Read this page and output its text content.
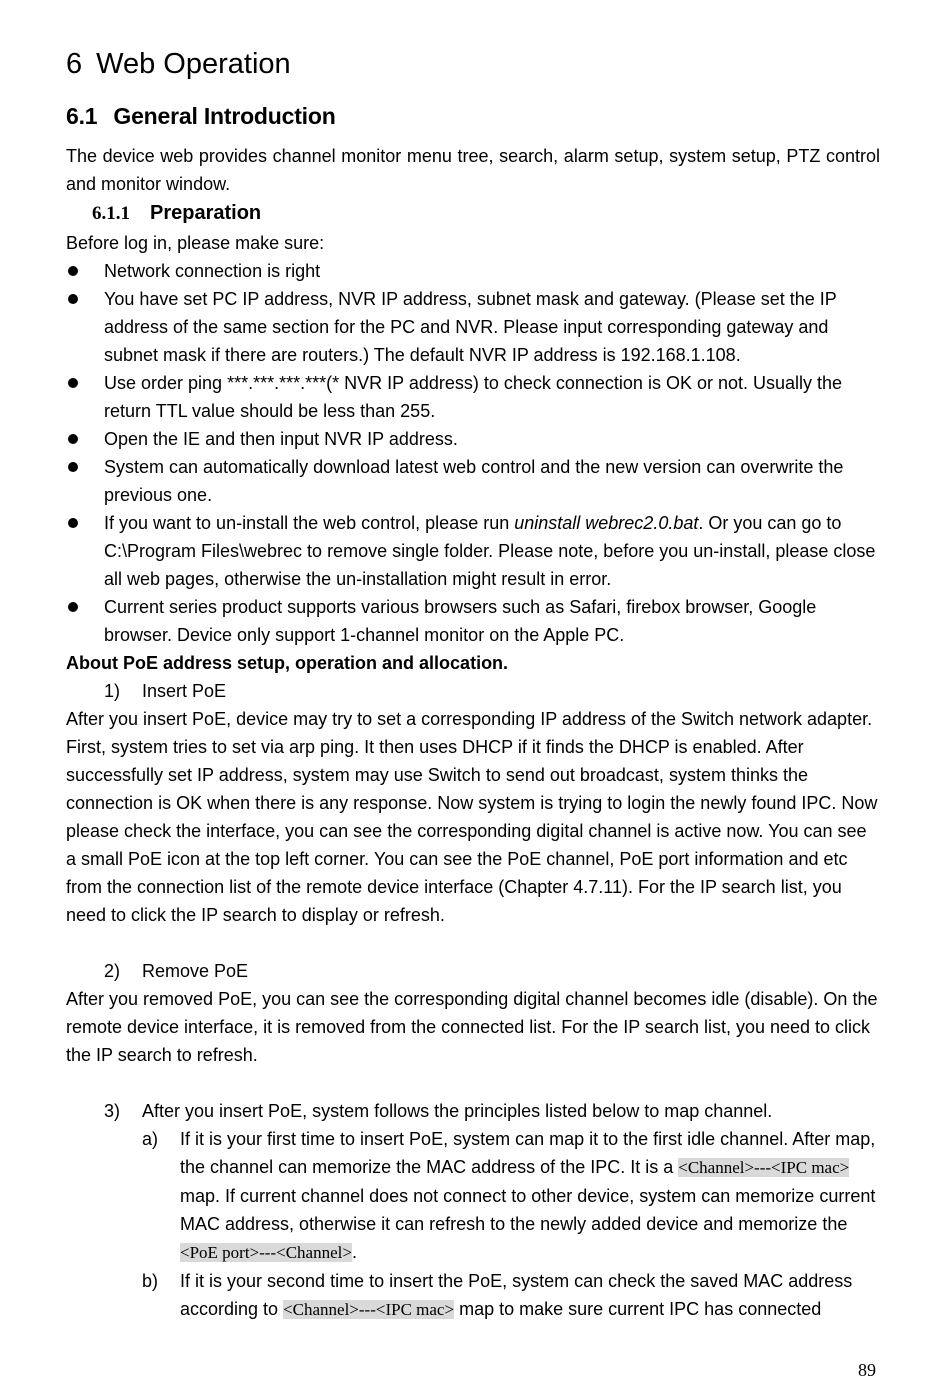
6 Web Operation
6.1 General Introduction

The device web provides channel monitor menu tree, search, alarm setup, system setup, PTZ control and monitor window.

6.1.1 Preparation

Before log in, please make sure:

Network connection is right
You have set PC IP address, NVR IP address, subnet mask and gateway. (Please set the IP address of the same section for the PC and NVR. Please input corresponding gateway and subnet mask if there are routers.) The default NVR IP address is 192.168.1.108.
Use order ping ***.***.***.***(* NVR IP address) to check connection is OK or not. Usually the return TTL value should be less than 255.
Open the IE and then input NVR IP address.
System can automatically download latest web control and the new version can overwrite the previous one.
If you want to un-install the web control, please run uninstall webrec2.0.bat. Or you can go to C:\Program Files\webrec to remove single folder. Please note, before you un-install, please close all web pages, otherwise the un-installation might result in error.
Current series product supports various browsers such as Safari, firebox browser, Google browser. Device only support 1-channel monitor on the Apple PC.

About PoE address setup, operation and allocation.

1) Insert PoE

After you insert PoE, device may try to set a corresponding IP address of the Switch network adapter. First, system tries to set via arp ping. It then uses DHCP if it finds the DHCP is enabled. After successfully set IP address, system may use Switch to send out broadcast, system thinks the connection is OK when there is any response. Now system is trying to login the newly found IPC. Now please check the interface, you can see the corresponding digital channel is active now. You can see a small PoE icon at the top left corner. You can see the PoE channel, PoE port information and etc from the connection list of the remote device interface (Chapter 4.7.11). For the IP search list, you need to click the IP search to display or refresh.

2) Remove PoE

After you removed PoE, you can see the corresponding digital channel becomes idle (disable). On the remote device interface, it is removed from the connected list. For the IP search list, you need to click the IP search to refresh.

3) After you insert PoE, system follows the principles listed below to map channel.
a) If it is your first time to insert PoE, system can map it to the first idle channel. After map, the channel can memorize the MAC address of the IPC. It is a <Channel>---<IPC mac> map. If current channel does not connect to other device, system can memorize current MAC address, otherwise it can refresh to the newly added device and memorize the <PoE port>---<Channel>.
b) If it is your second time to insert the PoE, system can check the saved MAC address according to <Channel>---<IPC mac> map to make sure current IPC has connected
89
